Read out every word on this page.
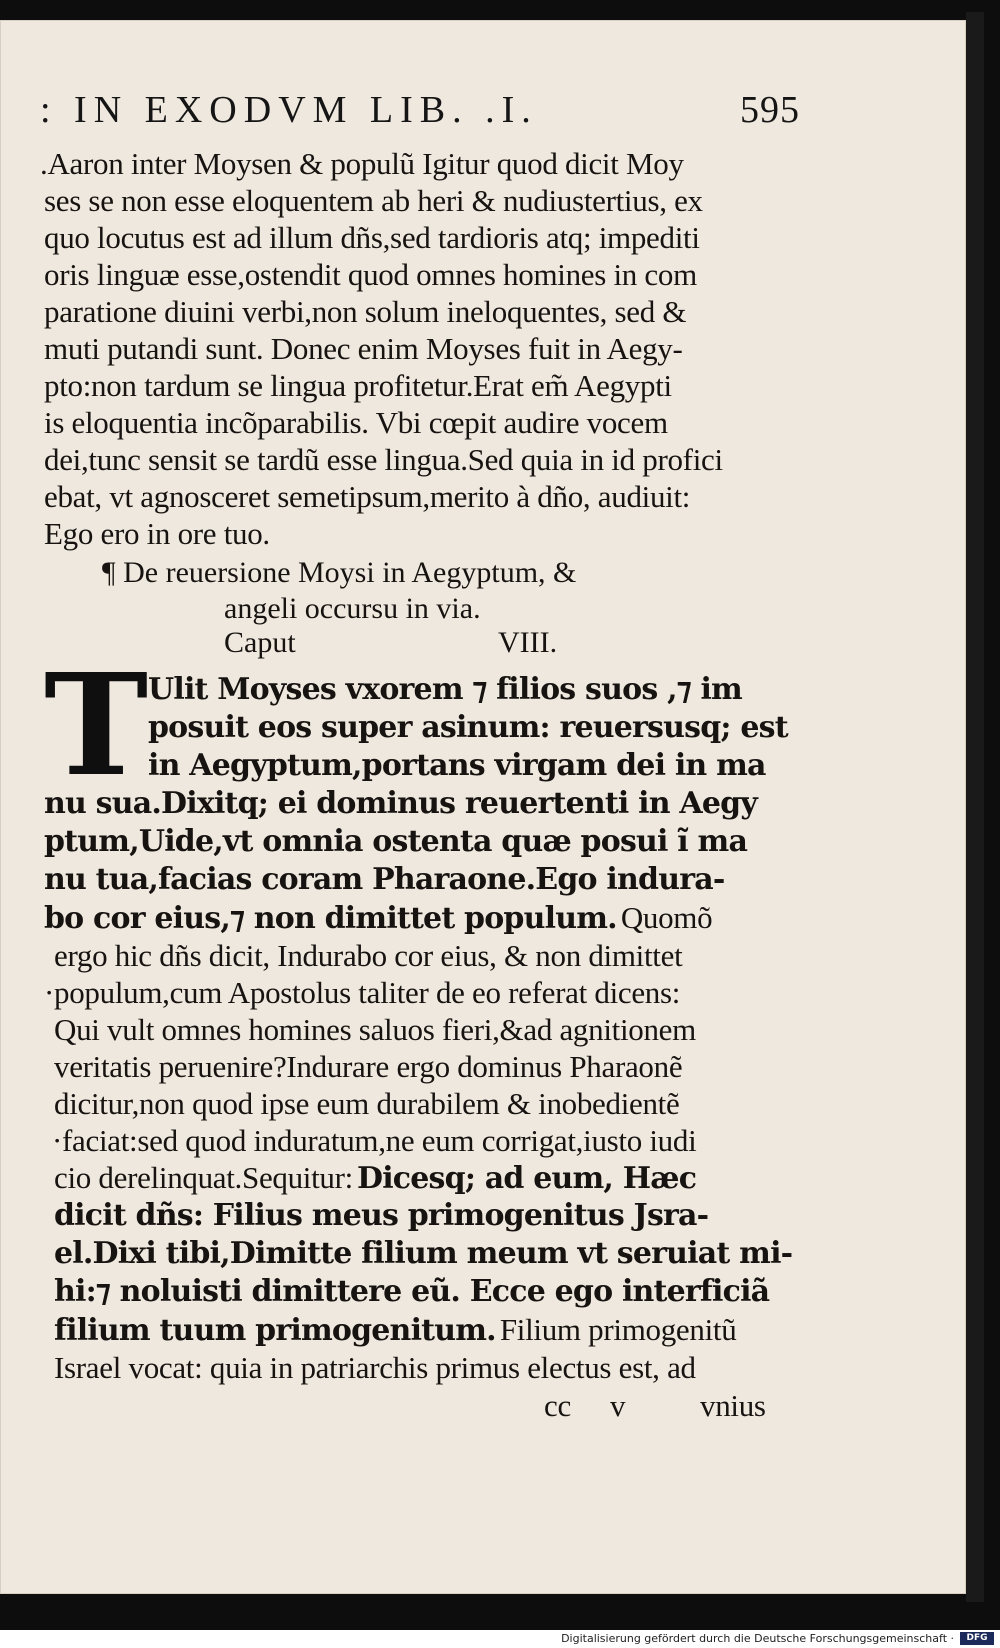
: IN EXODVM LIB. .I.	595
.Aaron inter Moysen & populũ Igitur quod dicit Moy
ses se non esse eloquentem ab heri & nudiustertius, ex
quo locutus est ad illum dñs,sed tardioris atq; impediti
oris linguæ esse,ostendit quod omnes homines in com
paratione diuini verbi,non solum ineloquentes, sed &
muti putandi sunt. Donec enim Moyses fuit in Aegy-
pto:non tardum se lingua profitetur.Erat em̃ Aegypti
is eloquentia incõparabilis. Vbi cœpit audire vocem
dei,tunc sensit se tardũ esse lingua.Sed quia in id profici
ebat, vt agnosceret semetipsum,merito à dño, audiuit:
Ego ero in ore tuo.
¶ De reuersione Moysi in Aegyptum, &
angeli occursu in via.
Caput	VIII.
T Ulit Moyses vxorem ⁊ filios suos ,⁊ im
posuit eos super asinum: reuersusq; est
in Aegyptum,portans virgam dei in ma
nu sua.Dixitq; ei dominus reuertenti in Aegy
ptum,Uide,vt omnia ostenta quæ posui ĩ ma
nu tua,facias coram Pharaone.Ego indura-
bo cor eius,⁊ non dimittet populum. Quomõ
ergo hic dñs dicit, Indurabo cor eius, & non dimittet
·populum,cum Apostolus taliter de eo referat dicens:
Qui vult omnes homines saluos fieri,&ad agnitionem
veritatis peruenire?Indurare ergo dominus Pharaonẽ
dicitur,non quod ipse eum durabilem & inobedientẽ
·faciat:sed quod induratum,ne eum corrigat,iusto iudi
cio derelinquat.Sequitur: Dicesq; ad eum, Hæc
dicit dñs: Filius meus primogenitus Jsra-
el.Dixi tibi,Dimitte filium meum vt seruiat mi-
hi:⁊ noluisti dimittere eũ. Ecce ego interficiã
filium tuum primogenitum. Filium primogenitũ
Israel vocat: quia in patriarchis primus electus est, ad
cc v vnius
Digitalisierung gefördert durch die Deutsche Forschungsgemeinschaft ·	DFG
